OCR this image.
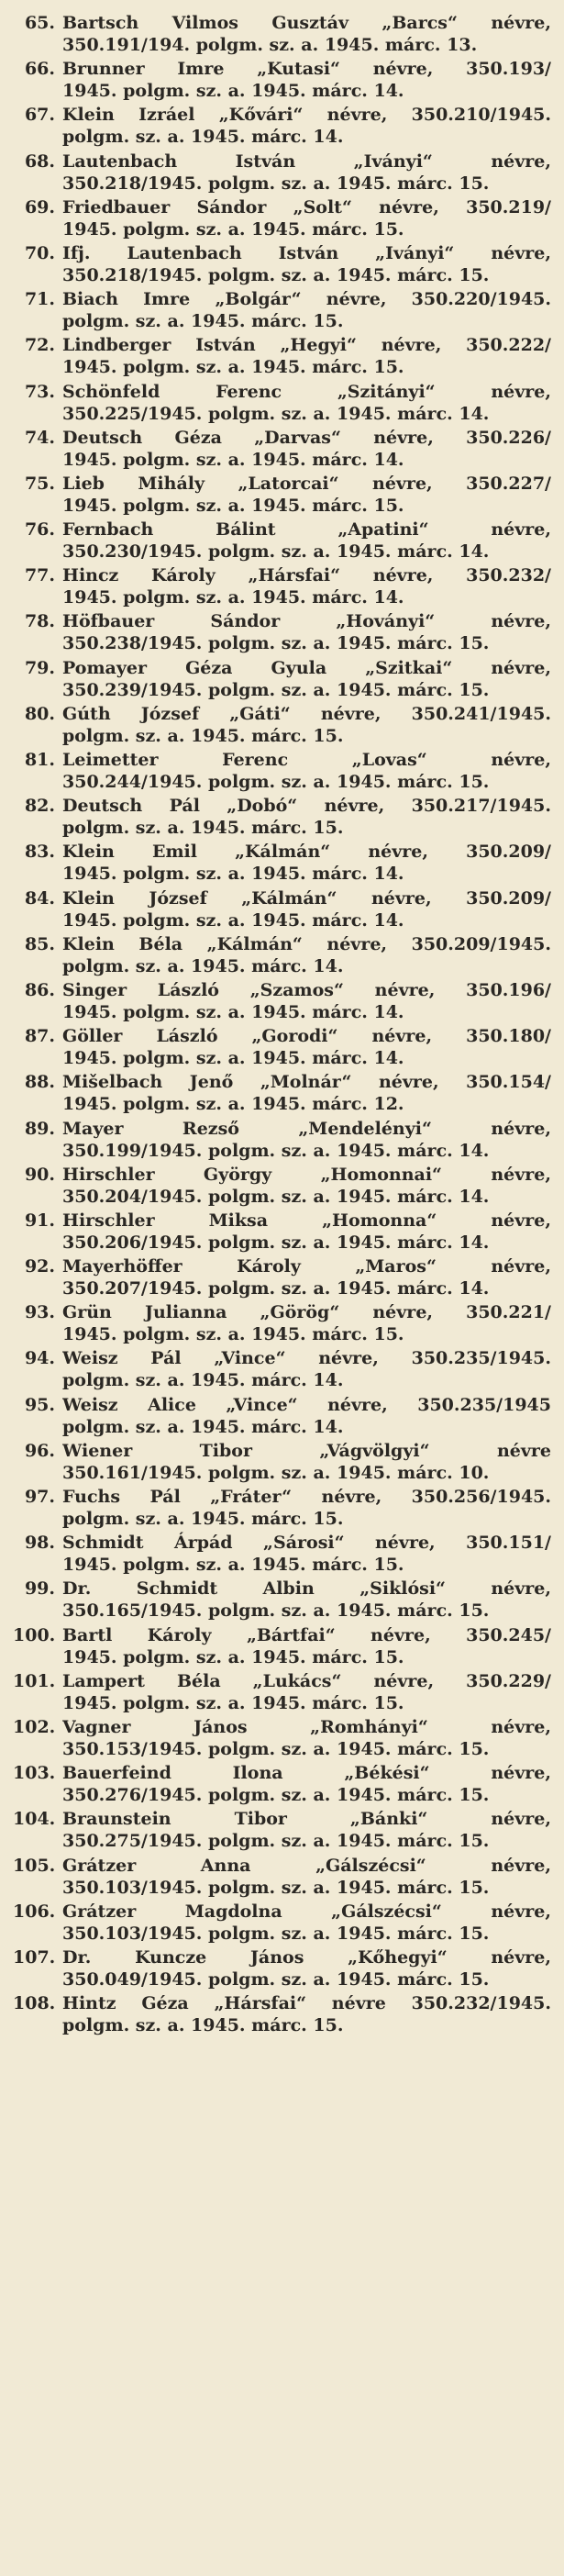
65. Bartsch Vilmos Gusztáv „Barcs“ névre,
350.191/194. polgm. sz. a. 1945. márc. 13.
66. Brunner Imre „Kutasi“ névre, 350.193/
1945. polgm. sz. a. 1945. márc. 14.
67. Klein Izráel „Kővári“ névre, 350.210/1945.
polgm. sz. a. 1945. márc. 14.
68. Lautenbach István „Iványi“ névre,
350.218/1945. polgm. sz. a. 1945. márc. 15.
69. Friedbauer Sándor „Solt“ névre, 350.219/
1945. polgm. sz. a. 1945. márc. 15.
70. Ifj. Lautenbach István „Iványi“ névre,
350.218/1945. polgm. sz. a. 1945. márc. 15.
71. Biach Imre „Bolgár“ névre, 350.220/1945.
polgm. sz. a. 1945. márc. 15.
72. Lindberger István „Hegyi“ névre, 350.222/
1945. polgm. sz. a. 1945. márc. 15.
73. Schönfeld Ferenc „Szitányi“ névre,
350.225/1945. polgm. sz. a. 1945. márc. 14.
74. Deutsch Géza „Darvas“ névre, 350.226/
1945. polgm. sz. a. 1945. márc. 14.
75. Lieb Mihály „Latorcai“ névre, 350.227/
1945. polgm. sz. a. 1945. márc. 15.
76. Fernbach Bálint „Apatini“ névre,
350.230/1945. polgm. sz. a. 1945. márc. 14.
77. Hincz Károly „Hársfai“ névre, 350.232/
1945. polgm. sz. a. 1945. márc. 14.
78. Höfbauer Sándor „Hoványi“ névre,
350.238/1945. polgm. sz. a. 1945. márc. 15.
79. Pomayer Géza Gyula „Szitkai“ névre,
350.239/1945. polgm. sz. a. 1945. márc. 15.
80. Gúth József „Gáti“ névre, 350.241/1945.
polgm. sz. a. 1945. márc. 15.
81. Leimetter Ferenc „Lovas“ névre,
350.244/1945. polgm. sz. a. 1945. márc. 15.
82. Deutsch Pál „Dobó“ névre, 350.217/1945.
polgm. sz. a. 1945. márc. 15.
83. Klein Emil „Kálmán“ névre, 350.209/
1945. polgm. sz. a. 1945. márc. 14.
84. Klein József „Kálmán“ névre, 350.209/
1945. polgm. sz. a. 1945. márc. 14.
85. Klein Béla „Kálmán“ névre, 350.209/1945.
polgm. sz. a. 1945. márc. 14.
86. Singer László „Szamos“ névre, 350.196/
1945. polgm. sz. a. 1945. márc. 14.
87. Göller László „Gorodi“ névre, 350.180/
1945. polgm. sz. a. 1945. márc. 14.
88. Mišelbach Jenő „Molnár“ névre, 350.154/
1945. polgm. sz. a. 1945. márc. 12.
89. Mayer Rezső „Mendelényi“ névre,
350.199/1945. polgm. sz. a. 1945. márc. 14.
90. Hirschler György „Homonnai“ névre,
350.204/1945. polgm. sz. a. 1945. márc. 14.
91. Hirschler Miksa „Homonna“ névre,
350.206/1945. polgm. sz. a. 1945. márc. 14.
92. Mayerhöffer Károly „Maros“ névre,
350.207/1945. polgm. sz. a. 1945. márc. 14.
93. Grün Julianna „Görög“ névre, 350.221/
1945. polgm. sz. a. 1945. márc. 15.
94. Weisz Pál „Vince“ névre, 350.235/1945.
polgm. sz. a. 1945. márc. 14.
95. Weisz Alice „Vince“ névre, 350.235/1945
polgm. sz. a. 1945. márc. 14.
96. Wiener Tibor „Vágvölgyi“ névre
350.161/1945. polgm. sz. a. 1945. márc. 10.
97. Fuchs Pál „Fráter“ névre, 350.256/1945.
polgm. sz. a. 1945. márc. 15.
98. Schmidt Árpád „Sárosi“ névre, 350.151/
1945. polgm. sz. a. 1945. márc. 15.
99. Dr. Schmidt Albin „Siklósi“ névre,
350.165/1945. polgm. sz. a. 1945. márc. 15.
100. Bartl Károly „Bártfai“ névre, 350.245/
1945. polgm. sz. a. 1945. márc. 15.
101. Lampert Béla „Lukács“ névre, 350.229/
1945. polgm. sz. a. 1945. márc. 15.
102. Vagner János „Romhányi“ névre,
350.153/1945. polgm. sz. a. 1945. márc. 15.
103. Bauerfeind Ilona „Békési“ névre,
350.276/1945. polgm. sz. a. 1945. márc. 15.
104. Braunstein Tibor „Bánki“ névre,
350.275/1945. polgm. sz. a. 1945. márc. 15.
105. Grátzer Anna „Gálszécsi“ névre,
350.103/1945. polgm. sz. a. 1945. márc. 15.
106. Grátzer Magdolna „Gálszécsi“ névre,
350.103/1945. polgm. sz. a. 1945. márc. 15.
107. Dr. Kuncze János „Kőhegyi“ névre,
350.049/1945. polgm. sz. a. 1945. márc. 15.
108. Hintz Géza „Hársfai“ névre 350.232/1945.
polgm. sz. a. 1945. márc. 15.
